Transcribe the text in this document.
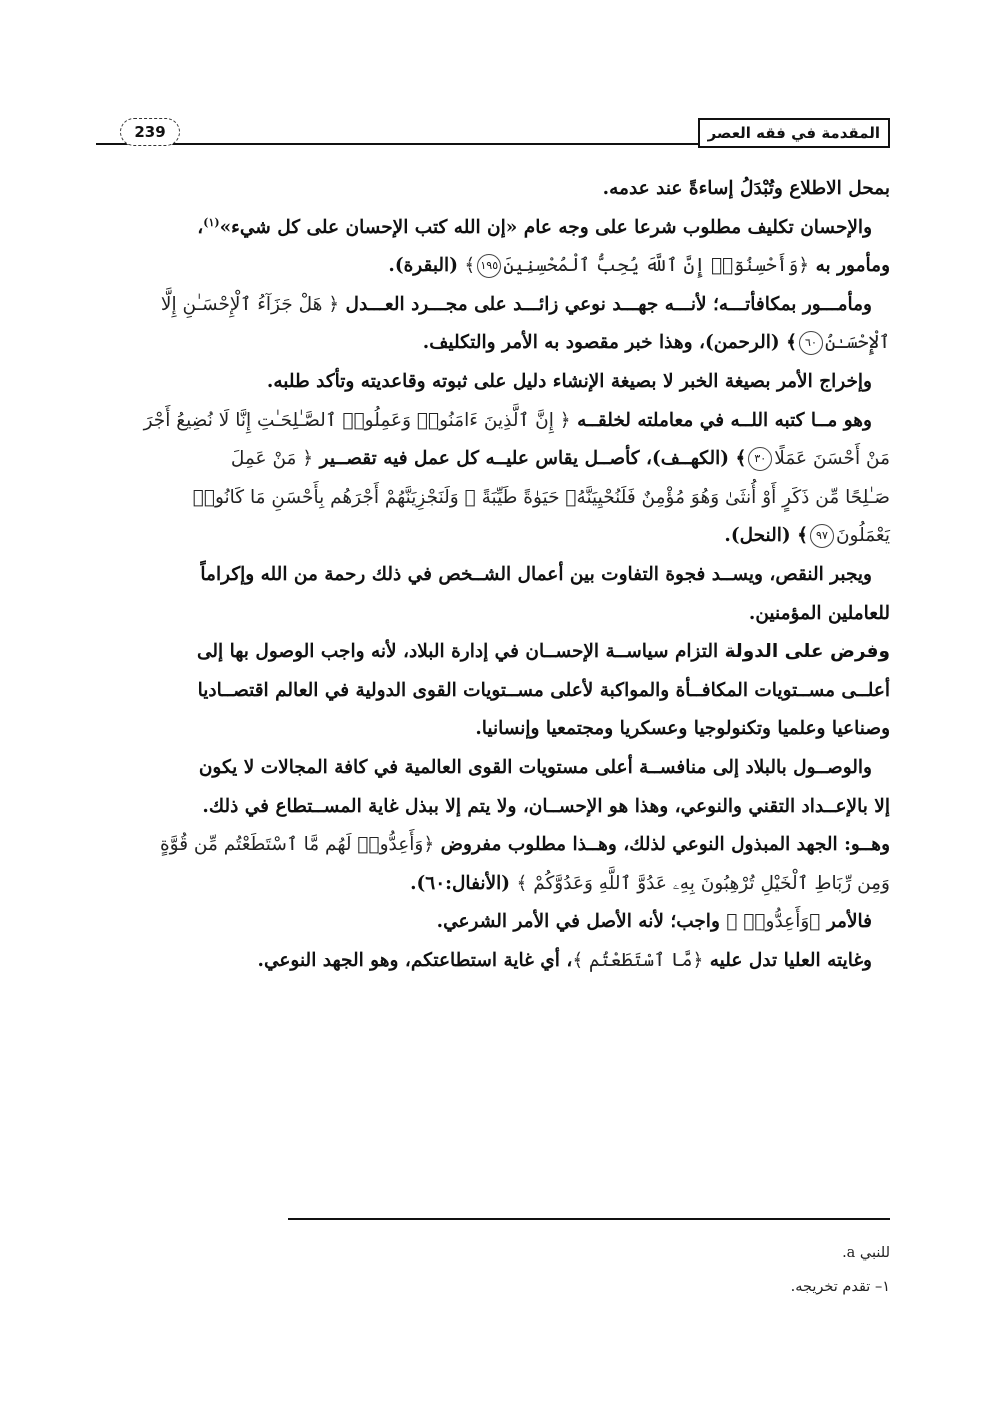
المقدمة في فقه العصر
239
بمحل الاطلاع وتُبْدَلُ إساءةً عند عدمه.
والإحسان تكليف مطلوب شرعا على وجه عام «إن الله كتب الإحسان على كل شيء»$^{(١)}$،
ومأمور به ﴿وَأَحْسِنُوٓا۟ إِنَّ ٱللَّهَ يُحِبُّ ٱلْمُحْسِنِينَ١٩٥﴾ (البقرة).
ومأمـــور بمكافأتـــه؛ لأنـــه جهـــد نوعي زائـــد على مجـــرد العـــدل ﴿ هَلْ جَزَآءُ ٱلْإِحْسَـٰنِ إِلَّا
ٱلْإِحْسَـٰنُ٦٠﴾ (الرحمن)، وهذا خبر مقصود به الأمر والتكليف.
وإخراج الأمر بصيغة الخبر لا بصيغة الإنشاء دليل على ثبوته وقاعديته وتأكد طلبه.
وهو مــا كتبه اللــه في معاملته لخلقــه ﴿ إِنَّ ٱلَّذِينَ ءَامَنُوا۟ وَعَمِلُوا۟ ٱلصَّـٰلِحَـٰتِ إِنَّا لَا نُضِيعُ أَجْرَ
مَنْ أَحْسَنَ عَمَلًا٣٠﴾ (الكهــف)، كأصــل يقاس عليــه كل عمل فيه تقصــير ﴿ مَنْ عَمِلَ
صَـٰلِحًا مِّن ذَكَرٍ أَوْ أُنثَىٰ وَهُوَ مُؤْمِنٌ فَلَنُحْيِيَنَّهُۥ حَيَوٰةً طَيِّبَةً ۖ وَلَنَجْزِيَنَّهُمْ أَجْرَهُم بِأَحْسَنِ مَا كَانُوا۟
يَعْمَلُونَ٩٧﴾ (النحل).
ويجبر النقص، ويســد فجوة التفاوت بين أعمال الشــخص في ذلك رحمة من الله وإكراماً
للعاملين المؤمنين.
وفرض على الدولة التزام سياســة الإحســان في إدارة البلاد، لأنه واجب الوصول بها إلى
أعلــى مســتويات المكافــأة والمواكبة لأعلى مســتويات القوى الدولية في العالم اقتصــاديا
وصناعيا وعلميا وتكنولوجيا وعسكريا ومجتمعيا وإنسانيا.
والوصــول بالبلاد إلى منافســة أعلى مستويات القوى العالمية في كافة المجالات لا يكون
إلا بالإعــداد التقني والنوعي، وهذا هو الإحســان، ولا يتم إلا ببذل غاية المســتطاع في ذلك.
وهــو: الجهد المبذول النوعي لذلك، وهــذا مطلوب مفروض ﴿وَأَعِدُّوا۟ لَهُم مَّا ٱسْتَطَعْتُم مِّن قُوَّةٍ
وَمِن رِّبَاطِ ٱلْخَيْلِ تُرْهِبُونَ بِهِۦ عَدُوَّ ٱللَّهِ وَعَدُوَّكُمْ ﴾ (الأنفال:٦٠).
فالأمر ﴿وَأَعِدُّوا۟ ﴾ واجب؛ لأنه الأصل في الأمر الشرعي.
وغايته العليا تدل عليه ﴿مَّا ٱسْتَطَعْتُم ﴾، أي غاية استطاعتكم، وهو الجهد النوعي.
للنبي a.
١– تقدم تخريجه.
